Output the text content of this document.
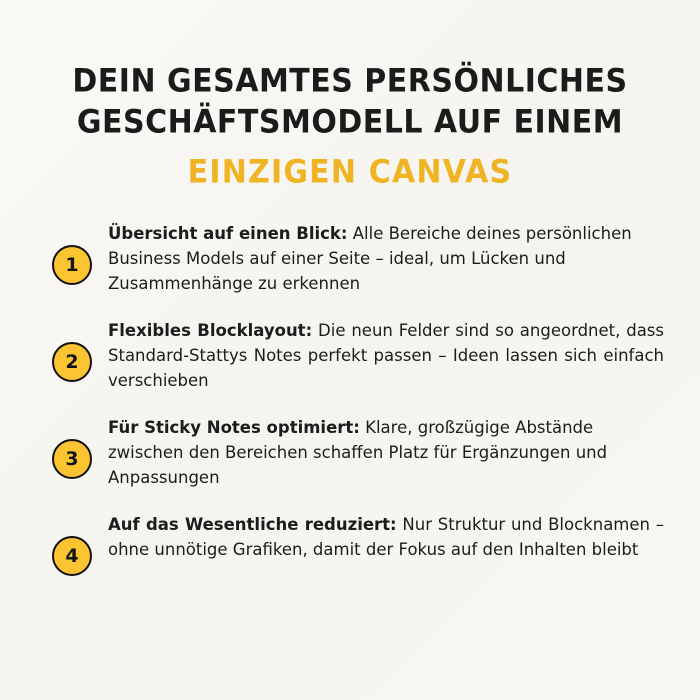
DEIN GESAMTES PERSÖNLICHES
GESCHÄFTSMODELL AUF EINEM
EINZIGEN CANVAS
1
Übersicht auf einen Blick: Alle Bereiche deines persönlichen Business Models auf einer Seite – ideal, um Lücken und Zusammenhänge zu erkennen
2
Flexibles Blocklayout: Die neun Felder sind so angeordnet, dass Standard-Stattys Notes perfekt passen – Ideen lassen sich einfach verschieben
3
Für Sticky Notes optimiert: Klare, großzügige Abstände zwischen den Bereichen schaffen Platz für Ergänzungen und Anpassungen
4
Auf das Wesentliche reduziert: Nur Struktur und Blocknamen – ohne unnötige Grafiken, damit der Fokus auf den Inhalten bleibt
